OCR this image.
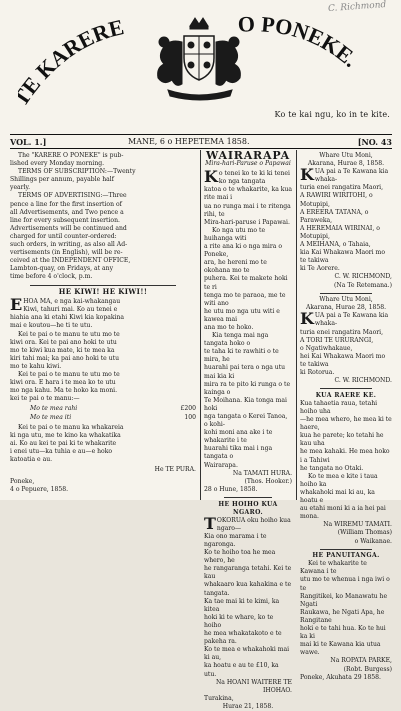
C. Richmond
E KARERE	O PONEKE.
Ko te kai ngu, ko in te kite.
VOL. 1.]	MANE, 6 o HEPETEMA 1858.	[NO. 43

The "KARERE O PONEKE" is pub-

lished every Monday morning.

TERMS OF SUBSCRIPTION:—Twenty

Shillings per annum, payable half

yearly.

TERMS OF ADVERTISING:—Three

pence a line for the first insertion of

all Advertisements, and Two pence a

line for every subsequent insertion.

Advertisements will be continued and

charged for until counter-ordered:

such orders, in writing, as also all Ad-

vertisements (in English), will be re-

ceived at the INDEPENDENT OFFICE,

Lambton-quay, on Fridays, at any

time before 4 o'clock, p.m.

HE KIWI! HE KIWI!!

E HOA MA, e nga kai-whakangau

Kiwi, tahuri mai. Ko au tenei e

hiahia ana ki etahi Kiwi kia kopakina

mai e koutou—he ti te utu.

Kei te pai o te manu te utu mo te

kiwi ora. Kei te pai ano hoki te utu

mo te kiwi kua mate, ki te mea ka

kiri tahi mai; ka pai ano hoki te utu

mo te kahu kiwi.

Kei te pai o te manu te utu mo te

kiwi ora. E hara i te mea ko te utu

mo nga kahu. Ma te hoko ka moni.

kei te pai o te manu:—

Mo te mea rahi	£200
Mo te mea iti	100

Kei te pai o te manu ka whakareia

ki nga utu, me te kino ka whakatika

ai. Ko au kei te pai ki te whakarite

i enei utu—ka tuhia e au—e hoko

katoatia e au.

He TE PURA.

Poneke,

4 o Pepuere, 1858.

WAIRARAPA

Mira-hari-Paruse o Papawai

Ko tenei ko te ki ki tenei ko nga tangata

katoa o te whakarite, ka kua rite mai i

ua no runga mai i te ritenga rihi, te

Mira-hari-paruse i Papawai.

Ko nga utu mo te huihanga witi

a rite ana ki o nga mira o Poneke,

ara, he hereni mo te okohana mo te

puhera. Kei te makete hoki te ri

tenga mo te paraoa, me te witi ano

he utu mo nga utu witi e kawea mai

ana mo te hoko.

Kia tenga mai nga tangata hoko o

te taha ki te rawhiti o te mira, he

huarahi pai tera o nga utu mai kia ki

mira ra te pito ki runga o te kainga o

Te Moihana. Kia tonga mai hoki

nga tangata o Kerei Tanoa, o kohi-

kohi moni ana ake i te whakarite i te

huarahi tika mai i nga tangata o

Wairarapa.

Na TAMATI HURA.

(Thos. Hooker.)

28 o Hune, 1858.

HE HOIHO KUA NGARO.

TOKORUA oku hoiho kua ngaro—

Kia ono marama i te ngaronga.

Ko te hoiho toa he mea whero, he

he rangaranga tetahi. Kei te kau

whakaaro kua kahakina e te tangata.

Ka tae mai ki te kimi, ka kitea

hoki ki te whare, ko te hoiho

he mea whakatakoto e te pakeha ra.

Ko te mea e whakahoki mai ki au,

ka hoatu e au te £10, ka utu.

Na HOANI WAITERE TE IHOHAO.

Turakina,

Hurae 21, 1858.

Whare Utu Moni,

Akarana, Hurae 8, 1858.

KUA pai a Te Kawana kia whaka-

turia enei rangatira Maori,

A RAWIRI WIRITOHI, o Motupipi,

A EREERA TATANA, o Paraweka,

A HEREMAIA WIRINAI, o Motupipi,

A MEIHANA, o Tahaia,

kia Kai Whakawa Maori mo te takiwa

ki Te Aorere.

C. W. RICHMOND,

(Na Te Retemana.)

Whare Utu Moni,

Akarana, Hurae 28, 1858.

KUA pai a Te Kawana kia whaka-

turia enei rangatira Maori,

A TORI TE URURANGI,

o Ngatiwhakaue,

hei Kai Whakawa Maori mo te takiwa

ki Rotorua.

C. W. RICHMOND.

KUA RAERE KE.

Kua tahaetia raua, tetahi hoiho uha

—he mea whero, he mea ki te haere,

kua he parete; ko tetahi he kau uha

he mea kahaki. He mea hoko i a Tahiwi

he tangata no Otaki.

Ko te mea e kite i taua hoiho ka

whakahoki mai ki au, ka hoatu e

au etahi moni ki a ia hei pai mona.

Na WIREMU TAMATI.

(William Thomas)

o Waikanae.

HE PANUITANGA.

Kei te whakarite te Kawana i te

utu mo te whenua i nga iwi o te

Rangitikei, ko Manawatu he Ngati

Raukawa, he Ngati Apa, he Rangitane

hoki e te tahi hua. Ko te hui ka ki

mai ki te Kawana kia utua wawe.

Na ROPATA PARKE,

(Robt. Burgess)

Poneke, Akuhata 29 1858.
